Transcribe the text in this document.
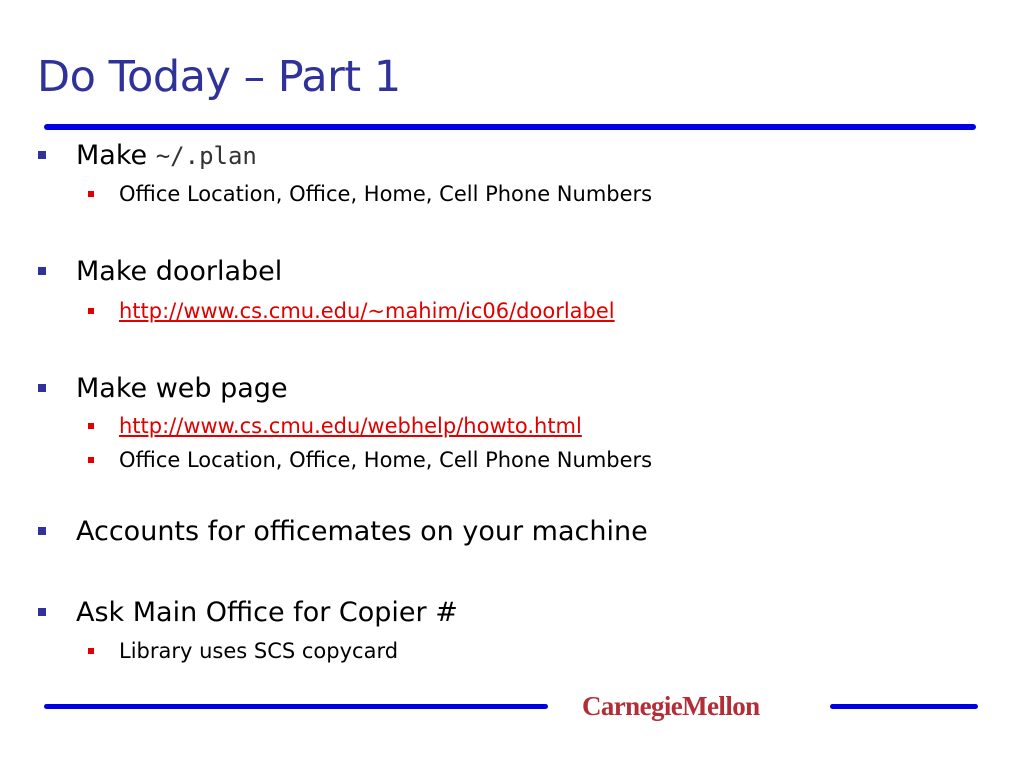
Do Today – Part 1
Make ~/.plan
Office Location, Office, Home, Cell Phone Numbers
Make doorlabel
http://www.cs.cmu.edu/~mahim/ic06/doorlabel
Make web page
http://www.cs.cmu.edu/webhelp/howto.html
Office Location, Office, Home, Cell Phone Numbers
Accounts for officemates on your machine
Ask Main Office for Copier #
Library uses SCS copycard
CarnegieMellon
